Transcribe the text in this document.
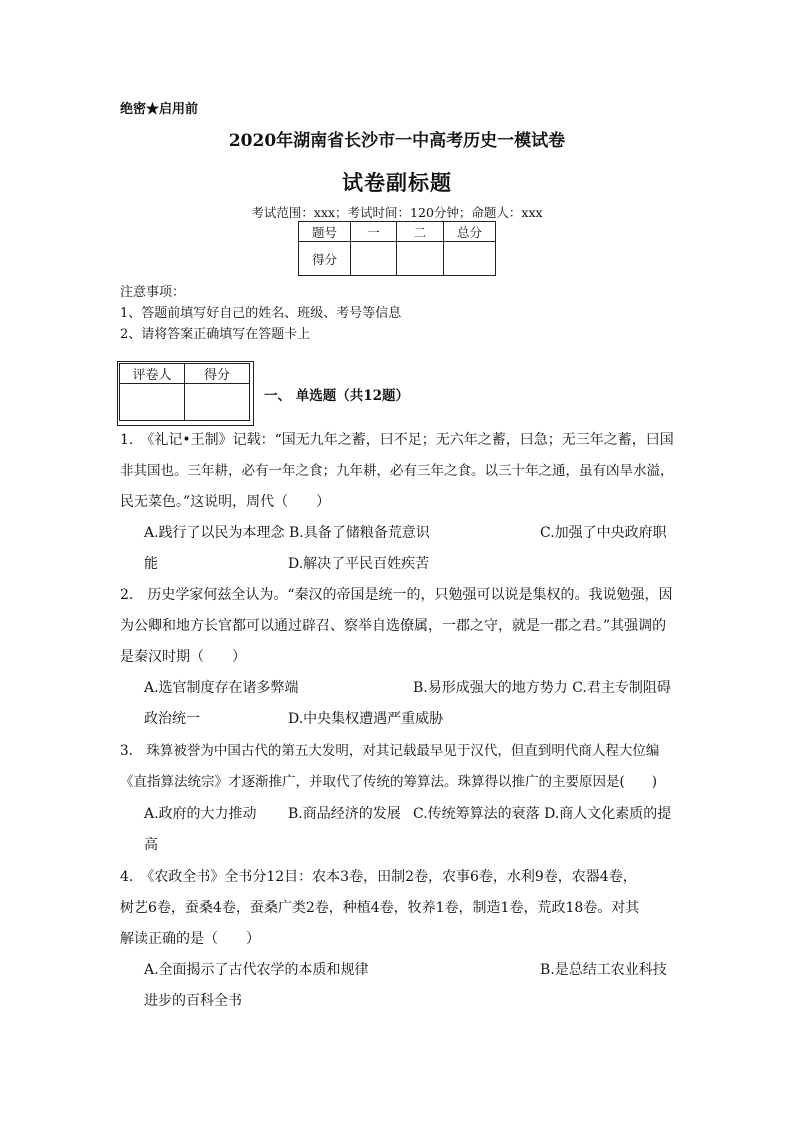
绝密★启用前
2020年湖南省长沙市一中高考历史一模试卷
试卷副标题
考试范围：xxx；考试时间：120分钟；命题人：xxx
题号	一	二	总分
得分			
注意事项：
1、答题前填写好自己的姓名、班级、考号等信息
2、请将答案正确填写在答题卡上
评卷人	得分

一、 单选题（共12题）
1.　《礼记•王制》记载：“国无九年之蓄，曰不足；无六年之蓄，曰急；无三年之蓄，曰国
非其国也。三年耕，必有一年之食；九年耕，必有三年之食。以三十年之通，虽有凶旱水溢，
民无菜色。”这说明，周代（　　）
A.践行了以民为本理念 B.具备了储粮备荒意识	C.加强了中央政府职
能	D.解决了平民百姓疾苦
2.　历史学家何兹全认为。“秦汉的帝国是统一的，只勉强可以说是集权的。我说勉强，因
为公卿和地方长官都可以通过辟召、察举自选僚属，一郡之守，就是一郡之君。”其强调的
是秦汉时期（　　）
A.选官制度存在诸多弊端	B.易形成强大的地方势力 C.君主专制阻碍
政治统一	D.中央集权遭遇严重威胁
3.　珠算被誉为中国古代的第五大发明，对其记载最早见于汉代，但直到明代商人程大位编
《直指算法统宗》才逐渐推广，并取代了传统的筹算法。珠算得以推广的主要原因是(　　)
A.政府的大力推动 B.商品经济的发展 C.传统筹算法的衰落 D.商人文化素质的提
高
4.　《农政全书》全书分12目：农本3卷，田制2卷，农事6卷，水利9卷，农器4卷，
树艺6卷，蚕桑4卷，蚕桑广类2卷，种植4卷，牧养1卷，制造1卷，荒政18卷。对其
解读正确的是（　　）
A.全面揭示了古代农学的本质和规律	B.是总结工农业科技
进步的百科全书
